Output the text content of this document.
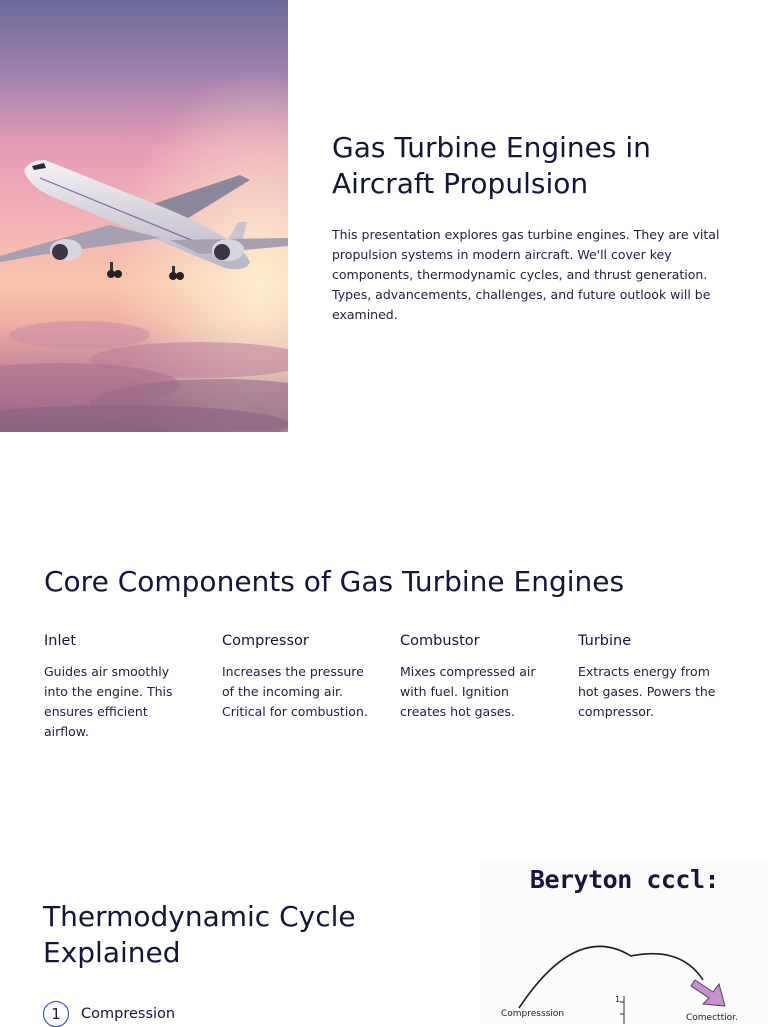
Gas Turbine Engines in Aircraft Propulsion

This presentation explores gas turbine engines. They are vital propulsion systems in modern aircraft. We'll cover key components, thermodynamic cycles, and thrust generation. Types, advancements, challenges, and future outlook will be examined.

Core Components of Gas Turbine Engines

Inlet

Guides air smoothly into the engine. This ensures efficient airflow.

Compressor

Increases the pressure of the incoming air. Critical for combustion.

Combustor

Mixes compressed air with fuel. Ignition creates hot gases.

Turbine

Extracts energy from hot gases. Powers the compressor.

Thermodynamic Cycle Explained
1	Compression
Beryton cccl:
1
Compresssion	Comecttior.
